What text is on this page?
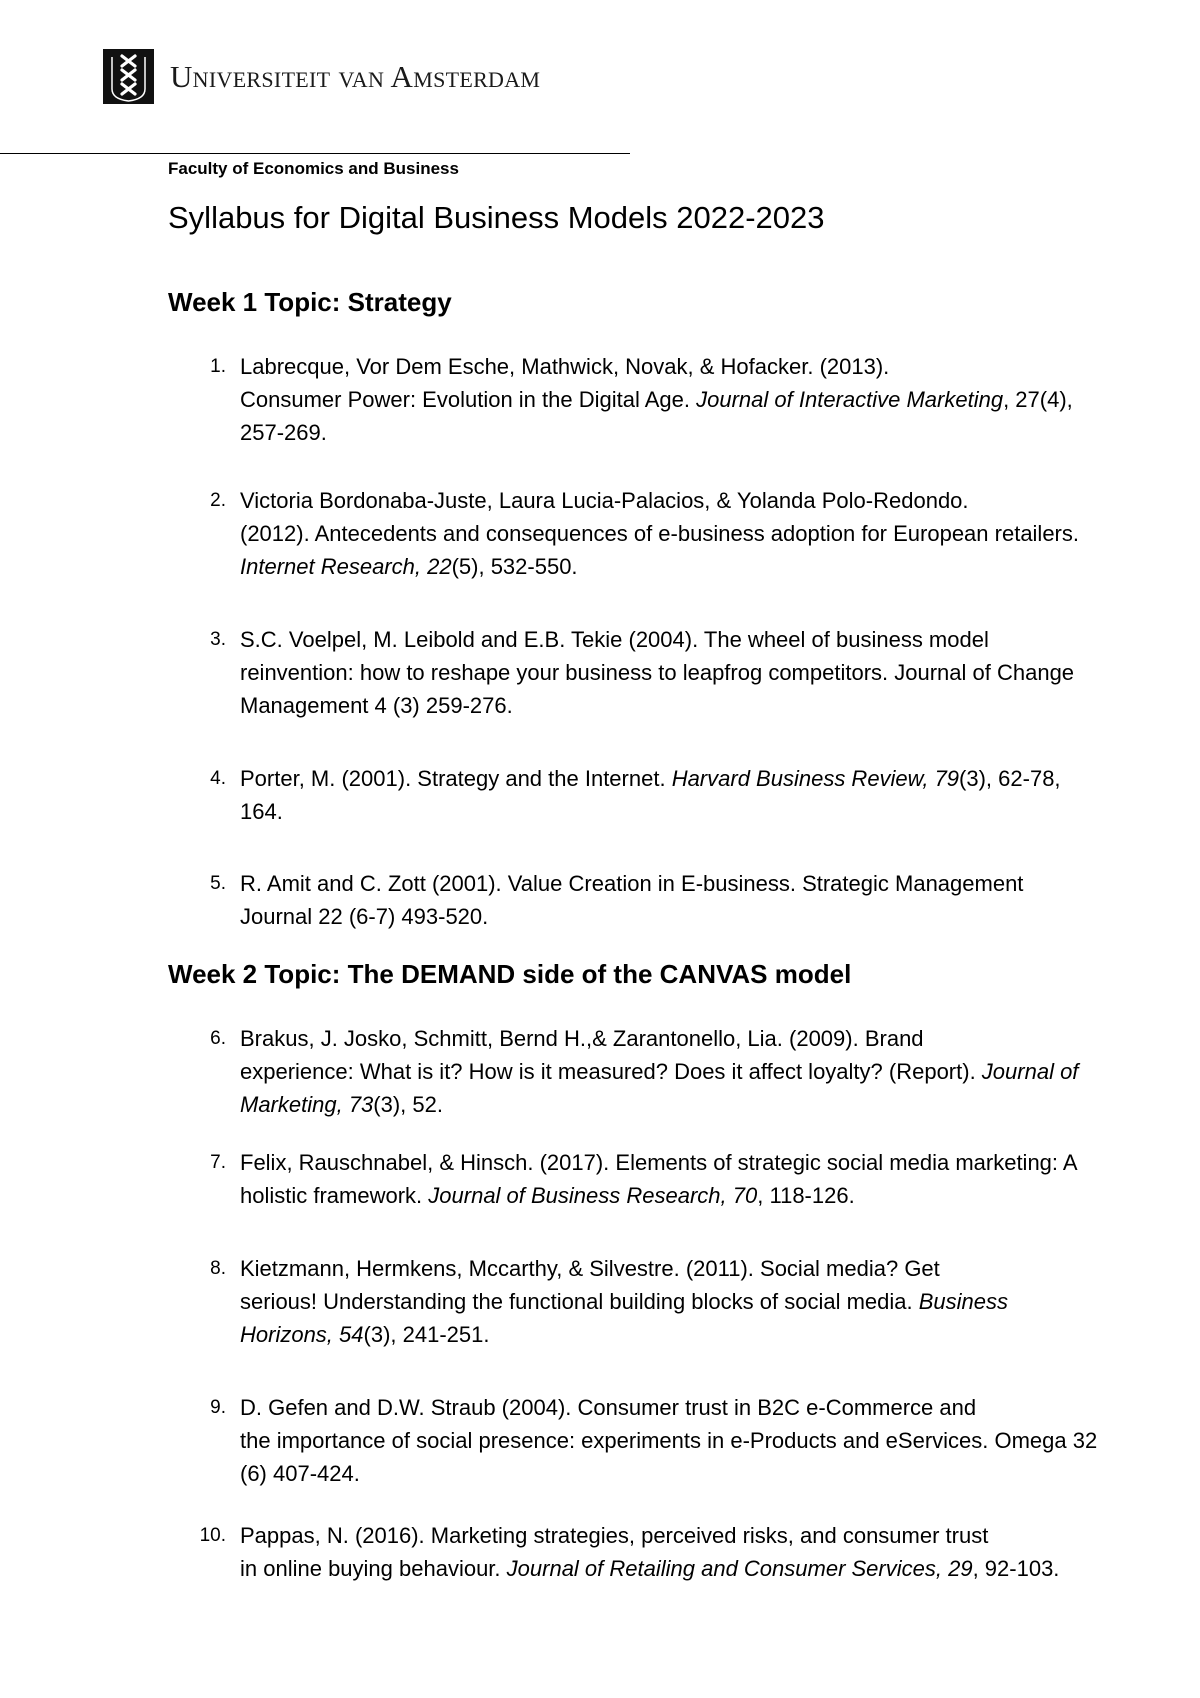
Universiteit van Amsterdam
Faculty of Economics and Business
Syllabus for Digital Business Models 2022-2023
Week 1 Topic: Strategy
1. Labrecque, Vor Dem Esche, Mathwick, Novak, & Hofacker. (2013).
Consumer Power: Evolution in the Digital Age. Journal of Interactive Marketing, 27(4), 257-269.
2. Victoria Bordonaba-Juste, Laura Lucia-Palacios, & Yolanda Polo-Redondo.
(2012). Antecedents and consequences of e-business adoption for European retailers. Internet Research, 22(5), 532-550.
3. S.C. Voelpel, M. Leibold and E.B. Tekie (2004). The wheel of business model
reinvention: how to reshape your business to leapfrog competitors. Journal of Change Management 4 (3) 259-276.
4. Porter, M. (2001). Strategy and the Internet. Harvard Business Review, 79(3), 62-78, 164.
5. R. Amit and C. Zott (2001). Value Creation in E-business. Strategic Management Journal 22 (6-7) 493-520.
Week 2 Topic: The DEMAND side of the CANVAS model
6. Brakus, J. Josko, Schmitt, Bernd H.,& Zarantonello, Lia. (2009). Brand
experience: What is it? How is it measured? Does it affect loyalty? (Report). Journal of Marketing, 73(3), 52.
7. Felix, Rauschnabel, & Hinsch. (2017). Elements of strategic social media marketing: A holistic framework. Journal of Business Research, 70, 118-126.
8. Kietzmann, Hermkens, Mccarthy, & Silvestre. (2011). Social media? Get
serious! Understanding the functional building blocks of social media. Business Horizons, 54(3), 241-251.
9. D. Gefen and D.W. Straub (2004). Consumer trust in B2C e-Commerce and
the importance of social presence: experiments in e-Products and eServices. Omega 32 (6) 407-424.
10. Pappas, N. (2016). Marketing strategies, perceived risks, and consumer trust
in online buying behaviour. Journal of Retailing and Consumer Services, 29, 92-103.
